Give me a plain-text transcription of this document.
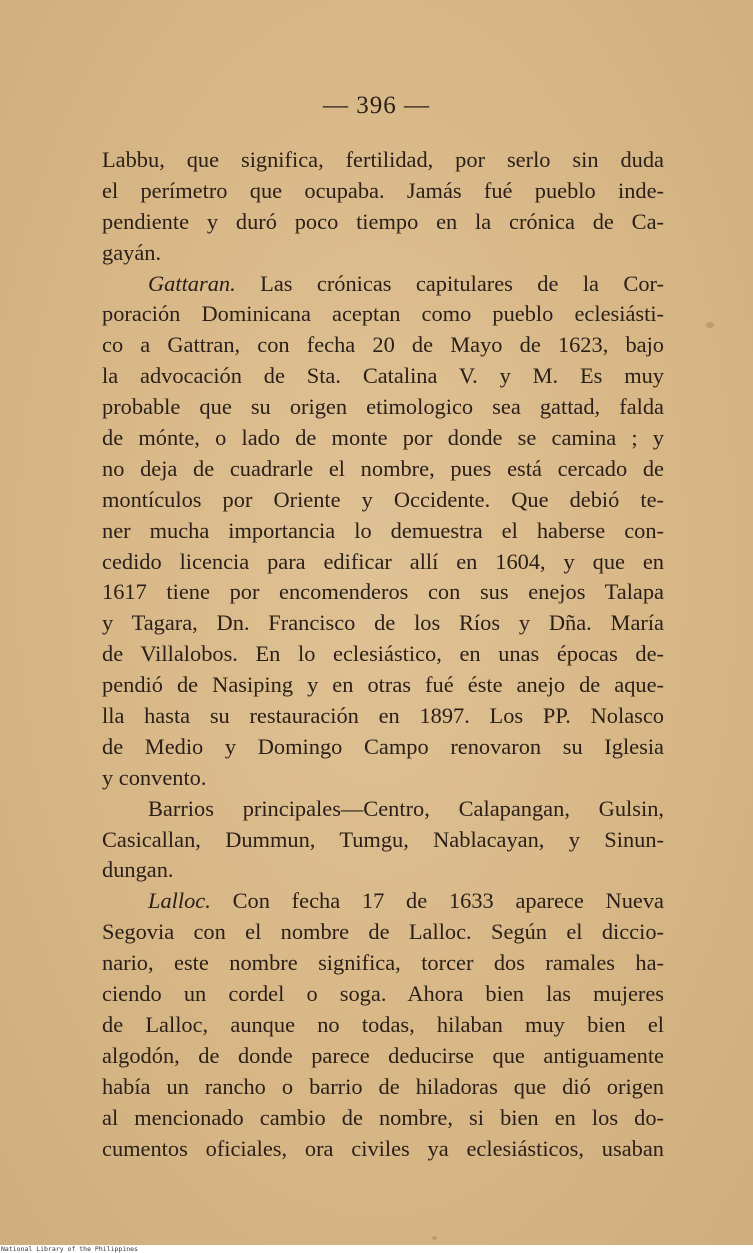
— 396 —
Labbu, que significa, fertilidad, por serlo sin duda
el perímetro que ocupaba. Jamás fué pueblo inde-
pendiente y duró poco tiempo en la crónica de Ca-
gayán.
Gattaran. Las crónicas capitulares de la Cor-
poración Dominicana aceptan como pueblo eclesiásti-
co a Gattran, con fecha 20 de Mayo de 1623, bajo
la advocación de Sta. Catalina V. y M. Es muy
probable que su origen etimologico sea gattad, falda
de mónte, o lado de monte por donde se camina ; y
no deja de cuadrarle el nombre, pues está cercado de
montículos por Oriente y Occidente. Que debió te-
ner mucha importancia lo demuestra el haberse con-
cedido licencia para edificar allí en 1604, y que en
1617 tiene por encomenderos con sus enejos Talapa
y Tagara, Dn. Francisco de los Ríos y Dña. María
de Villalobos. En lo eclesiástico, en unas épocas de-
pendió de Nasiping y en otras fué éste anejo de aque-
lla hasta su restauración en 1897. Los PP. Nolasco
de Medio y Domingo Campo renovaron su Iglesia
y convento.
Barrios principales—Centro, Calapangan, Gulsin,
Casicallan, Dummun, Tumgu, Nablacayan, y Sinun-
dungan.
Lalloc. Con fecha 17 de 1633 aparece Nueva
Segovia con el nombre de Lalloc. Según el diccio-
nario, este nombre significa, torcer dos ramales ha-
ciendo un cordel o soga. Ahora bien las mujeres
de Lalloc, aunque no todas, hilaban muy bien el
algodón, de donde parece deducirse que antiguamente
había un rancho o barrio de hiladoras que dió origen
al mencionado cambio de nombre, si bien en los do-
cumentos oficiales, ora civiles ya eclesiásticos, usaban
National Library of the Philippines
